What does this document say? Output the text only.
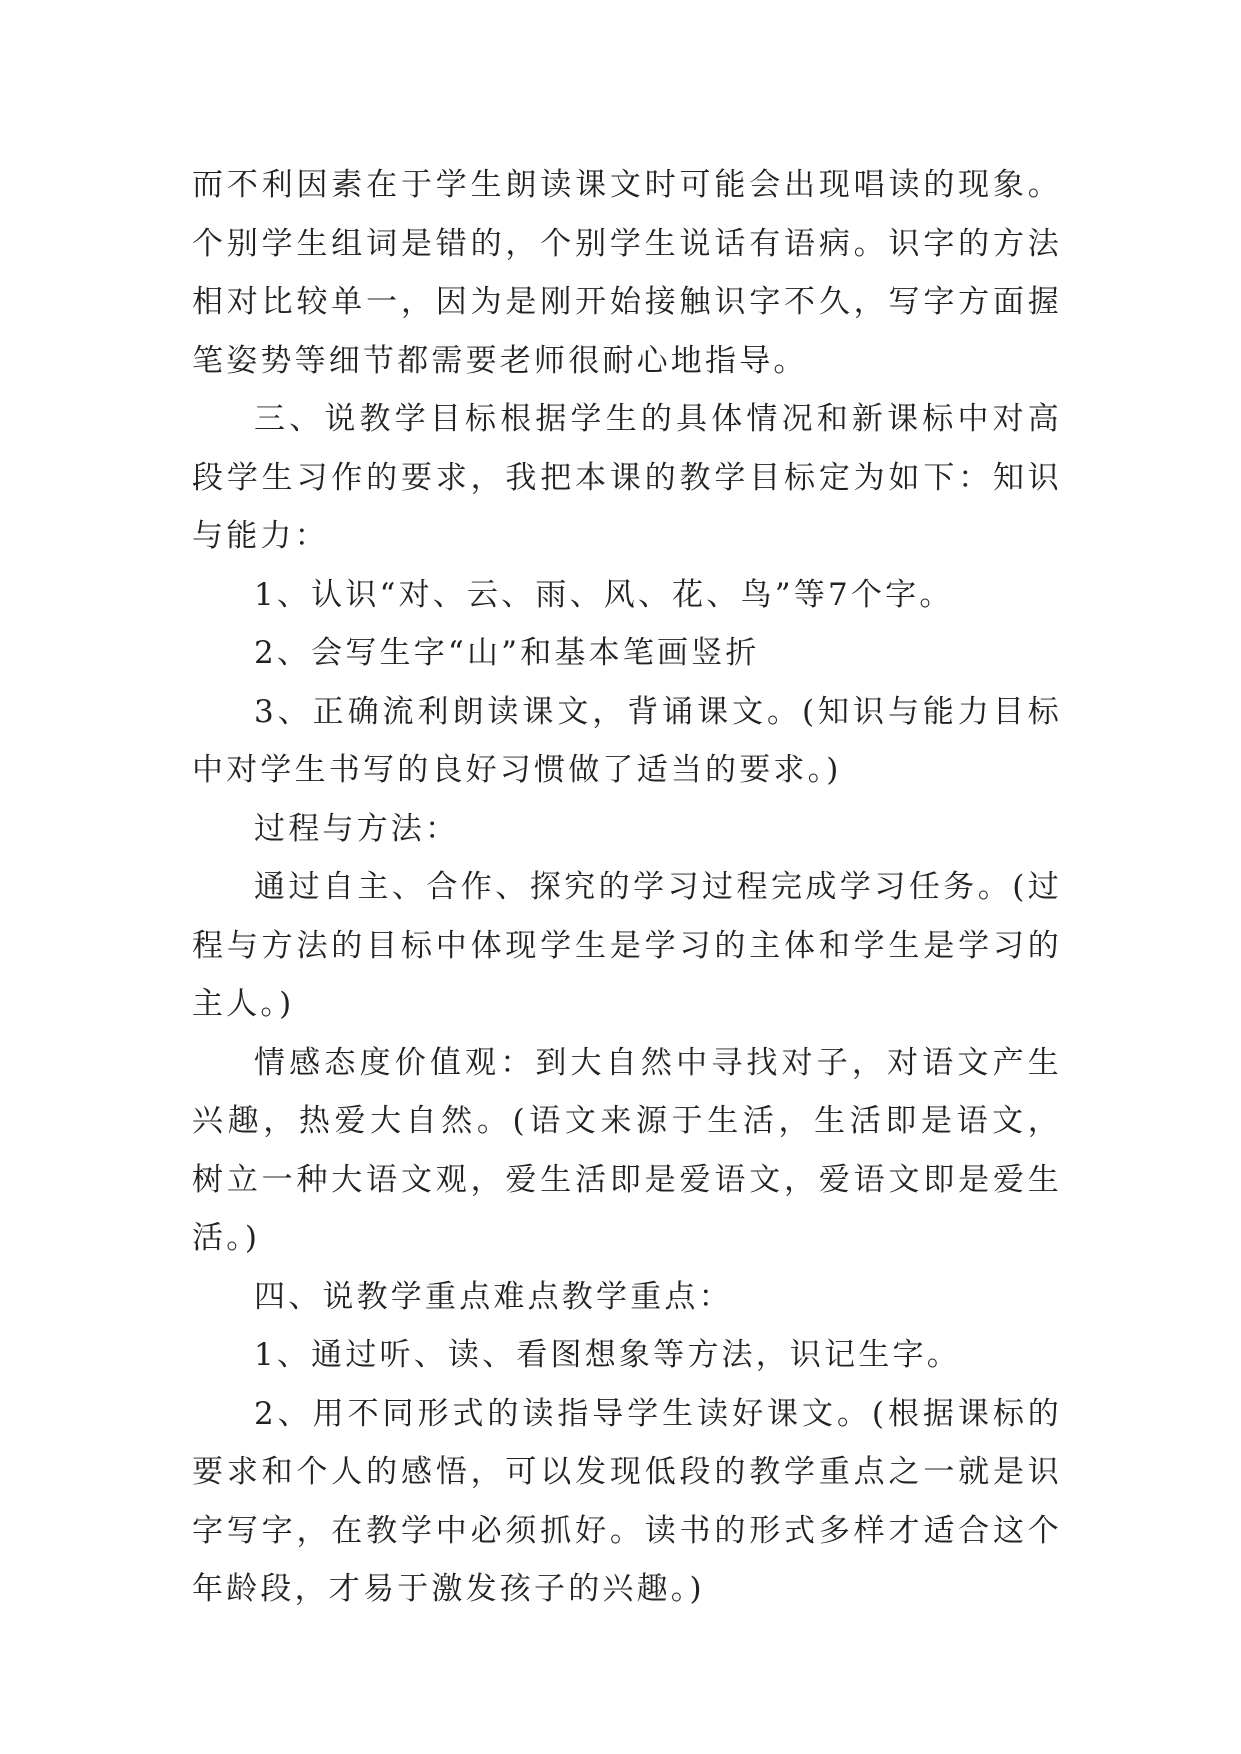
而不利因素在于学生朗读课文时可能会出现唱读的现象。个别学生组词是错的，个别学生说话有语病。识字的方法相对比较单一，因为是刚开始接触识字不久，写字方面握笔姿势等细节都需要老师很耐心地指导。

三、说教学目标根据学生的具体情况和新课标中对高段学生习作的要求，我把本课的教学目标定为如下：知识与能力：

1、认识“对、云、雨、风、花、鸟”等7个字。

2、会写生字“山”和基本笔画竖折

3、正确流利朗读课文，背诵课文。(知识与能力目标中对学生书写的良好习惯做了适当的要求。)

过程与方法：

通过自主、合作、探究的学习过程完成学习任务。(过程与方法的目标中体现学生是学习的主体和学生是学习的主人。)

情感态度价值观：到大自然中寻找对子，对语文产生兴趣，热爱大自然。(语文来源于生活，生活即是语文，树立一种大语文观，爱生活即是爱语文，爱语文即是爱生活。)

四、说教学重点难点教学重点：

1、通过听、读、看图想象等方法，识记生字。

2、用不同形式的读指导学生读好课文。(根据课标的要求和个人的感悟，可以发现低段的教学重点之一就是识字写字，在教学中必须抓好。读书的形式多样才适合这个年龄段，才易于激发孩子的兴趣。)
